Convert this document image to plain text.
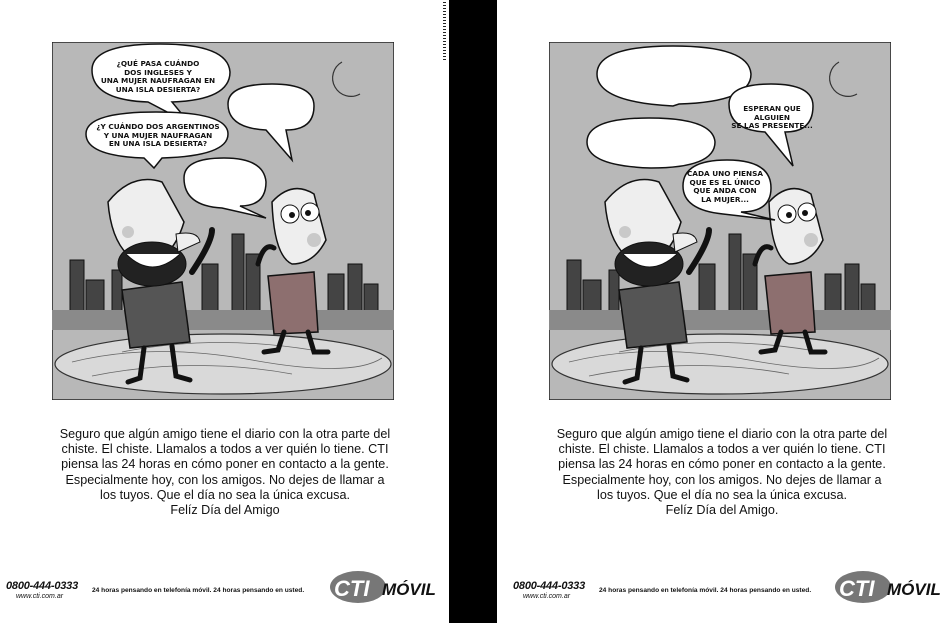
¿QUÉ PASA CUÁNDO
DOS INGLESES Y
UNA MUJER NAUFRAGAN EN
UNA ISLA DESIERTA?
¿Y CUÁNDO DOS ARGENTINOS
Y UNA MUJER NAUFRAGAN
EN UNA ISLA DESIERTA?

Seguro que algún amigo tiene el diario con la otra parte del

chiste. El chiste. Llamalos a todos a ver quién lo tiene. CTI

piensa las 24 horas en cómo poner en contacto a la gente.

Especialmente hoy, con los amigos. No dejes de llamar a

los tuyos. Que el día no sea la única excusa.

Felíz Día del Amigo

0800-444-0333
www.cti.com.ar
24 horas pensando en telefonía móvil. 24 horas pensando en usted. CTI MÓVIL
ESPERAN QUE ALGUIEN
SE LAS PRESENTE...
CADA UNO PIENSA
QUE ES EL ÚNICO
QUE ANDA CON
LA MUJER...

Seguro que algún amigo tiene el diario con la otra parte del

chiste. El chiste. Llamalos a todos a ver quién lo tiene. CTI

piensa las 24 horas en cómo poner en contacto a la gente.

Especialmente hoy, con los amigos. No dejes de llamar a

los tuyos. Que el día no sea la única excusa.

Felíz Día del Amigo.

0800-444-0333
www.cti.com.ar
24 horas pensando en telefonía móvil. 24 horas pensando en usted. CTI MÓVIL
